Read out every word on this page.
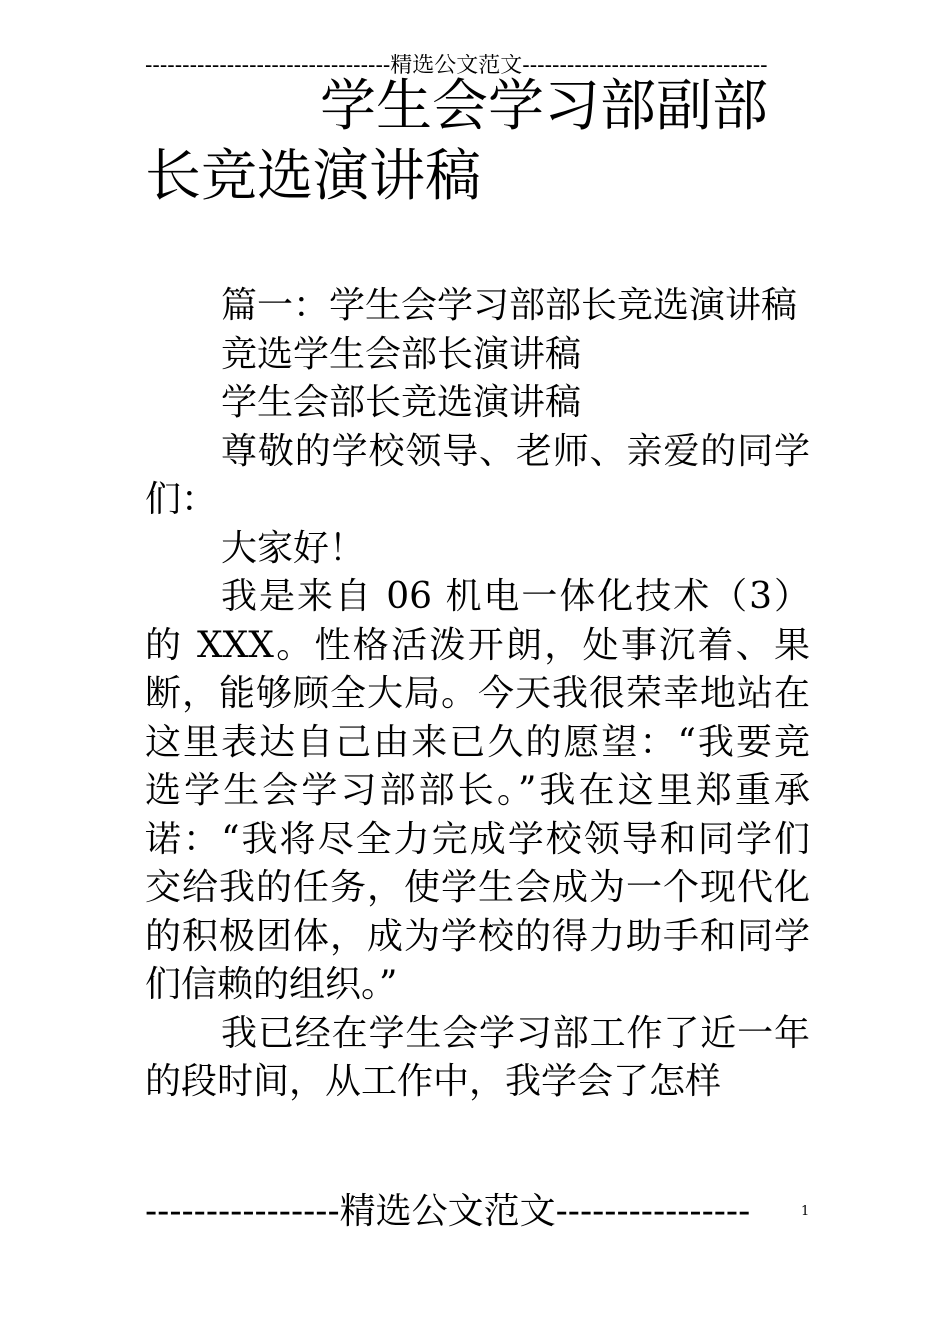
---------------------------------精选公文范文---------------------------------
学生会学习部副部
长竞选演讲稿

篇一：学生会学习部部长竞选演讲稿

竞选学生会部长演讲稿

学生会部长竞选演讲稿

尊敬的学校领导、老师、亲爱的同学们：

大家好！

我是来自 06 机电一体化技术（3）的 XXX。性格活泼开朗，处事沉着、果断，能够顾全大局。今天我很荣幸地站在这里表达自己由来已久的愿望：“我要竞选学生会学习部部长。”我在这里郑重承诺：“我将尽全力完成学校领导和同学们交给我的任务，使学生会成为一个现代化的积极团体，成为学校的得力助手和同学们信赖的组织。”

我已经在学生会学习部工作了近一年的段时间，从工作中，我学会了怎样

----------------精选公文范文----------------	1
